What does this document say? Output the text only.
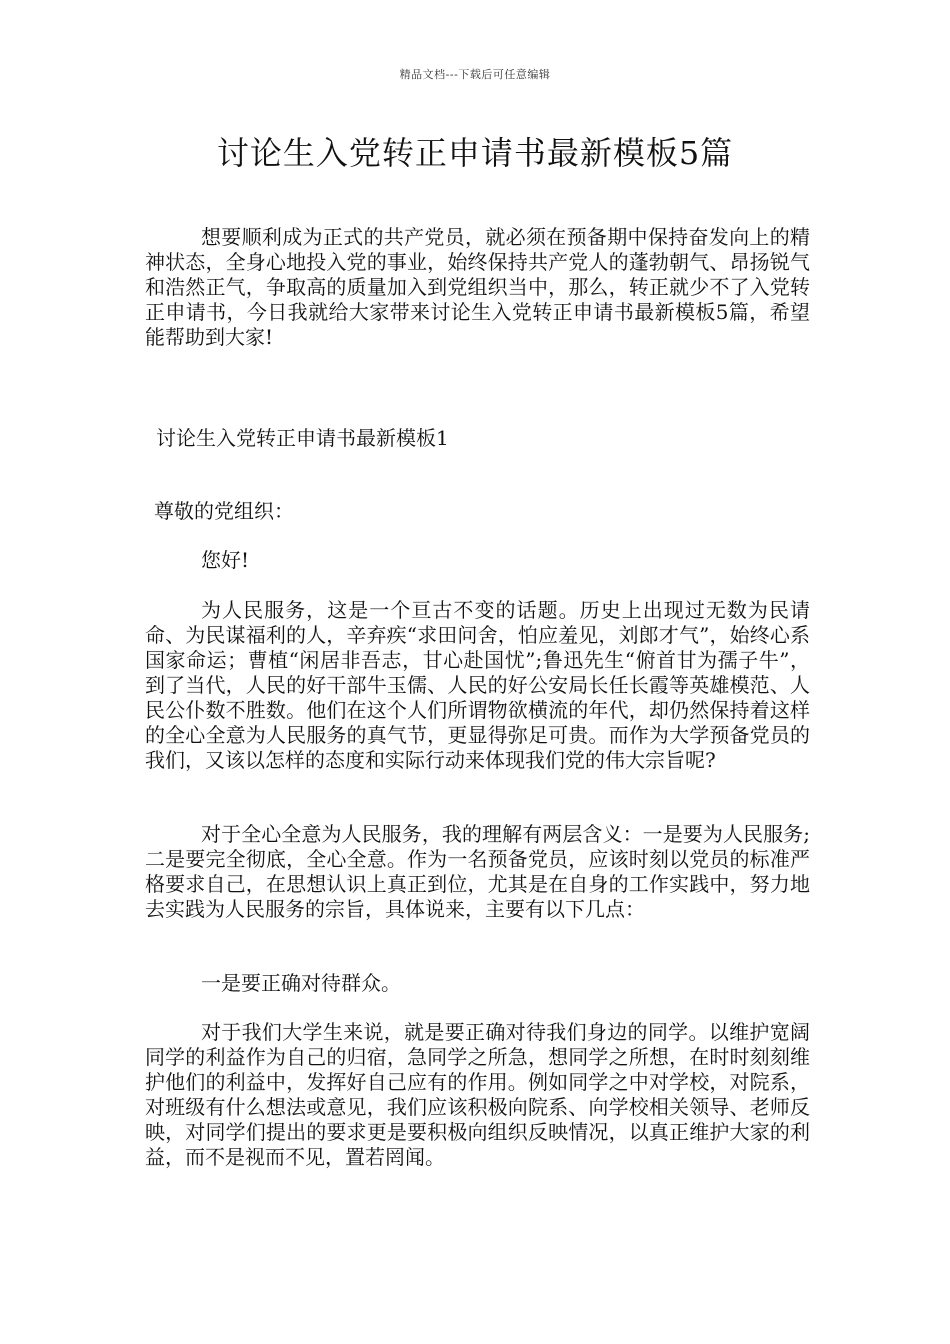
精品文档---下载后可任意编辑
讨论生入党转正申请书最新模板5篇

想要顺利成为正式的共产党员，就必须在预备期中保持奋发向上的精神状态，全身心地投入党的事业，始终保持共产党人的蓬勃朝气、昂扬锐气和浩然正气，争取高的质量加入到党组织当中，那么，转正就少不了入党转正申请书，今日我就给大家带来讨论生入党转正申请书最新模板5篇，希望能帮助到大家!

讨论生入党转正申请书最新模板1

尊敬的党组织：

您好!

为人民服务，这是一个亘古不变的话题。历史上出现过无数为民请命、为民谋福利的人，辛弃疾“求田问舍，怕应羞见，刘郎才气”，始终心系国家命运；曹植“闲居非吾志，甘心赴国忧”;鲁迅先生“俯首甘为孺子牛”，到了当代，人民的好干部牛玉儒、人民的好公安局长任长霞等英雄模范、人民公仆数不胜数。他们在这个人们所谓物欲横流的年代，却仍然保持着这样的全心全意为人民服务的真气节，更显得弥足可贵。而作为大学预备党员的我们，又该以怎样的态度和实际行动来体现我们党的伟大宗旨呢?

对于全心全意为人民服务，我的理解有两层含义：一是要为人民服务;二是要完全彻底，全心全意。作为一名预备党员，应该时刻以党员的标准严格要求自己，在思想认识上真正到位，尤其是在自身的工作实践中，努力地去实践为人民服务的宗旨，具体说来，主要有以下几点：

一是要正确对待群众。

对于我们大学生来说，就是要正确对待我们身边的同学。以维护宽阔同学的利益作为自己的归宿，急同学之所急，想同学之所想，在时时刻刻维护他们的利益中，发挥好自己应有的作用。例如同学之中对学校，对院系，对班级有什么想法或意见，我们应该积极向院系、向学校相关领导、老师反映，对同学们提出的要求更是要积极向组织反映情况，以真正维护大家的利益，而不是视而不见，置若罔闻。
